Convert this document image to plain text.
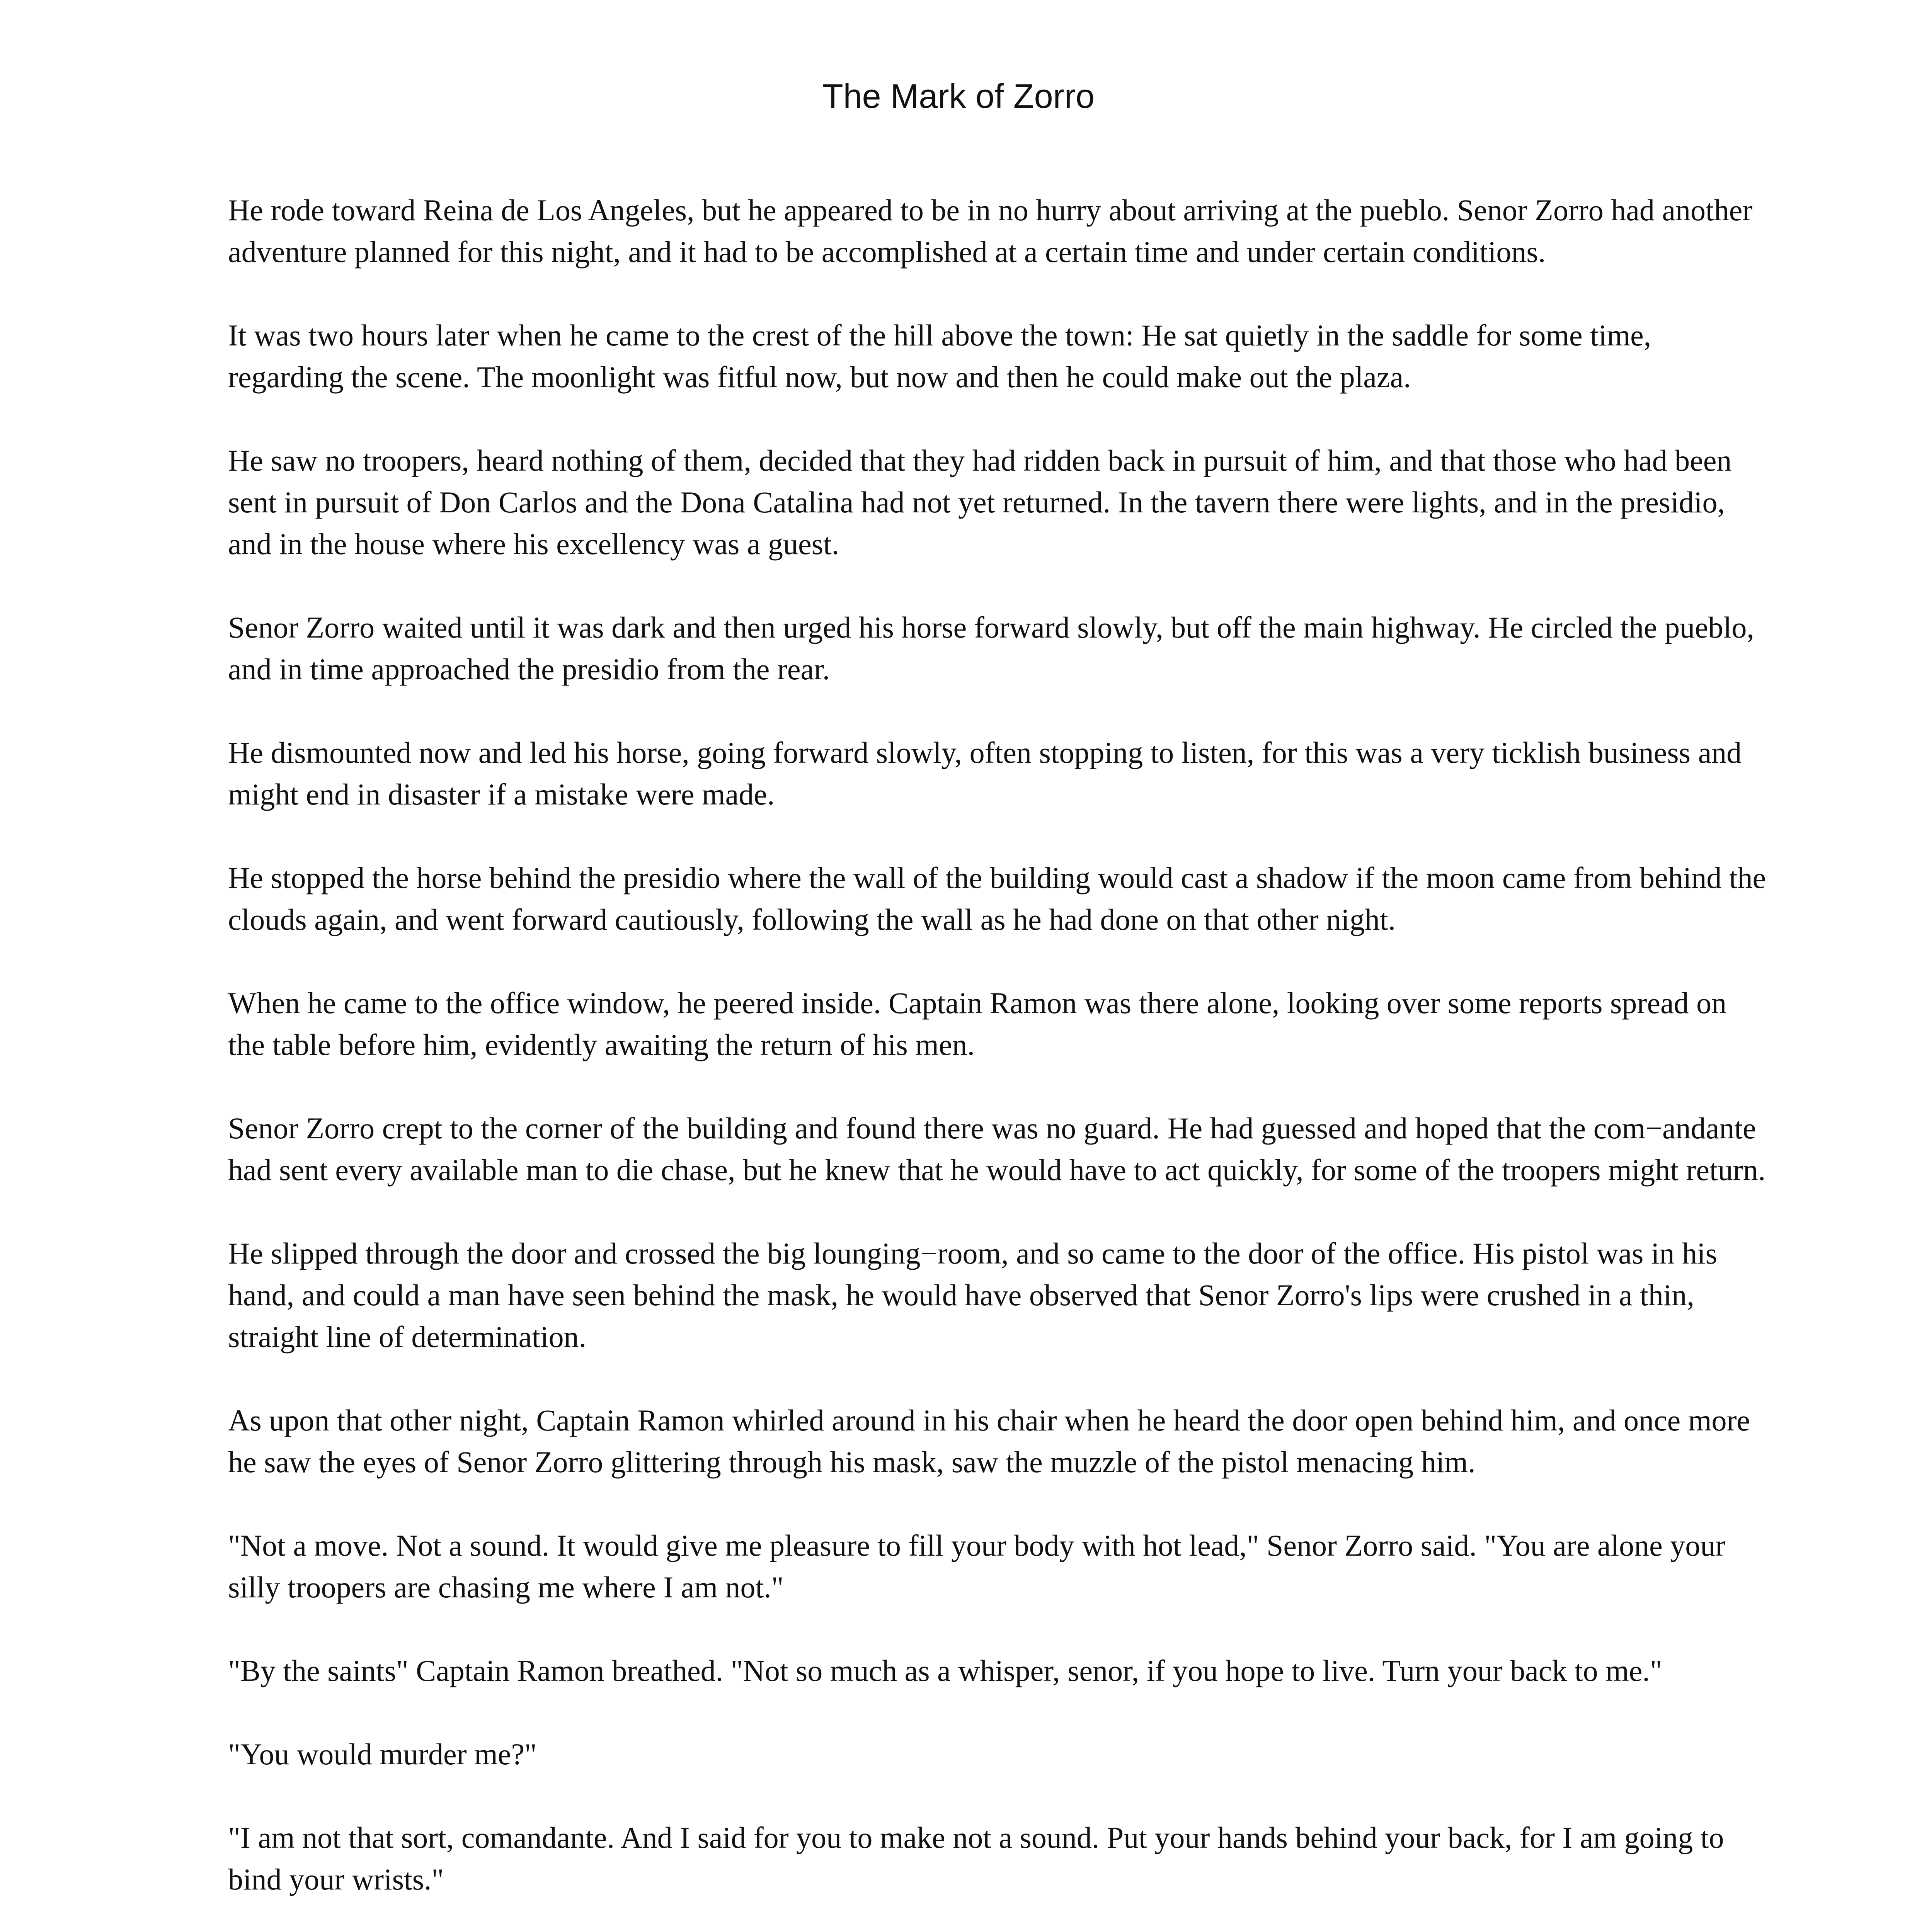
The Mark of Zorro

He rode toward Reina de Los Angeles, but he appeared to be in no hurry about arriving at the pueblo. Senor Zorro had another adventure planned for this night, and it had to be accomplished at a certain time and under certain conditions.

It was two hours later when he came to the crest of the hill above the town: He sat quietly in the saddle for some time, regarding the scene. The moonlight was fitful now, but now and then he could make out the plaza.

He saw no troopers, heard nothing of them, decided that they had ridden back in pursuit of him, and that those who had been sent in pursuit of Don Carlos and the Dona Catalina had not yet returned. In the tavern there were lights, and in the presidio, and in the house where his excellency was a guest.

Senor Zorro waited until it was dark and then urged his horse forward slowly, but off the main highway. He circled the pueblo, and in time approached the presidio from the rear.

He dismounted now and led his horse, going forward slowly, often stopping to listen, for this was a very ticklish business and might end in disaster if a mistake were made.

He stopped the horse behind the presidio where the wall of the building would cast a shadow if the moon came from behind the clouds again, and went forward cautiously, following the wall as he had done on that other night.

When he came to the office window, he peered inside. Captain Ramon was there alone, looking over some reports spread on the table before him, evidently awaiting the return of his men.

Senor Zorro crept to the corner of the building and found there was no guard. He had guessed and hoped that the com−andante had sent every available man to die chase, but he knew that he would have to act quickly, for some of the troopers might return.

He slipped through the door and crossed the big lounging−room, and so came to the door of the office. His pistol was in his hand, and could a man have seen behind the mask, he would have observed that Senor Zorro's lips were crushed in a thin, straight line of determination.

As upon that other night, Captain Ramon whirled around in his chair when he heard the door open behind him, and once more he saw the eyes of Senor Zorro glittering through his mask, saw the muzzle of the pistol menacing him.

"Not a move. Not a sound. It would give me pleasure to fill your body with hot lead," Senor Zorro said. "You are alone your silly troopers are chasing me where I am not."

"By the saints" Captain Ramon breathed. "Not so much as a whisper, senor, if you hope to live. Turn your back to me."

"You would murder me?"

"I am not that sort, comandante. And I said for you to make not a sound. Put your hands behind your back, for I am going to bind your wrists."
